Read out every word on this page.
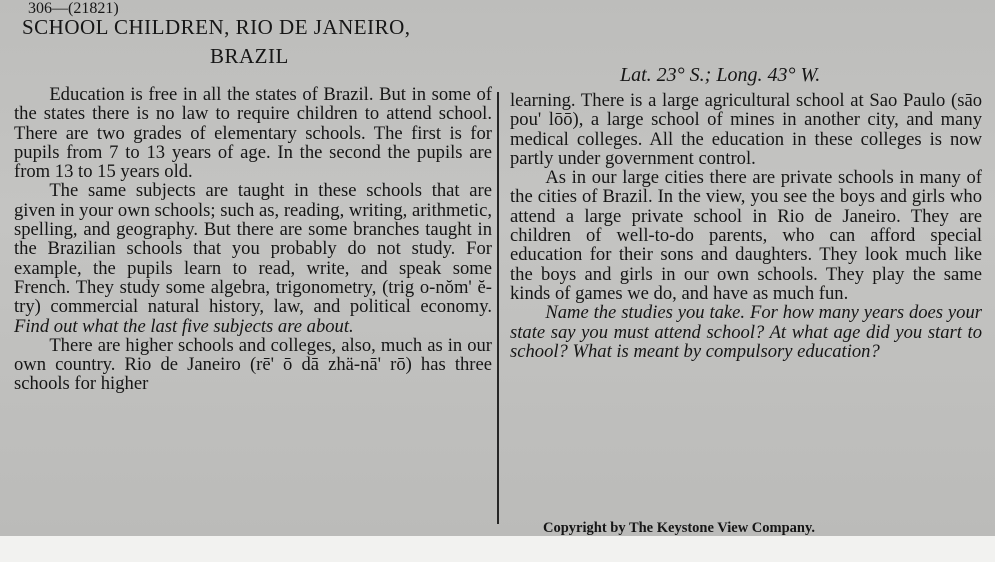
306—(21821)
SCHOOL CHILDREN, RIO DE JANEIRO,
BRAZIL
Lat. 23° S.; Long. 43° W.

Education is free in all the states of Brazil. But in some of the states there is no law to require children to attend school. There are two grades of elementary schools. The first is for pupils from 7 to 13 years of age. In the second the pupils are from 13 to 15 years old.

The same subjects are taught in these schools that are given in your own schools; such as, reading, writing, arithmetic, spelling, and geography. But there are some branches taught in the Brazilian schools that you probably do not study. For example, the pupils learn to read, write, and speak some French. They study some algebra, trigonometry, (trig o-nŏm' ĕ-try) commercial natural history, law, and political economy. Find out what the last five subjects are about.

There are higher schools and colleges, also, much as in our own country. Rio de Janeiro (rē' ō dā zhä-nā' rō) has three schools for higher

learning. There is a large agricultural school at Sao Paulo (sāo pou' lōō), a large school of mines in another city, and many medical colleges. All the education in these colleges is now partly under government control.

As in our large cities there are private schools in many of the cities of Brazil. In the view, you see the boys and girls who attend a large private school in Rio de Janeiro. They are children of well-to-do parents, who can afford special education for their sons and daughters. They look much like the boys and girls in our own schools. They play the same kinds of games we do, and have as much fun.

Name the studies you take. For how many years does your state say you must attend school? At what age did you start to school? What is meant by compulsory education?

Copyright by The Keystone View Company.
